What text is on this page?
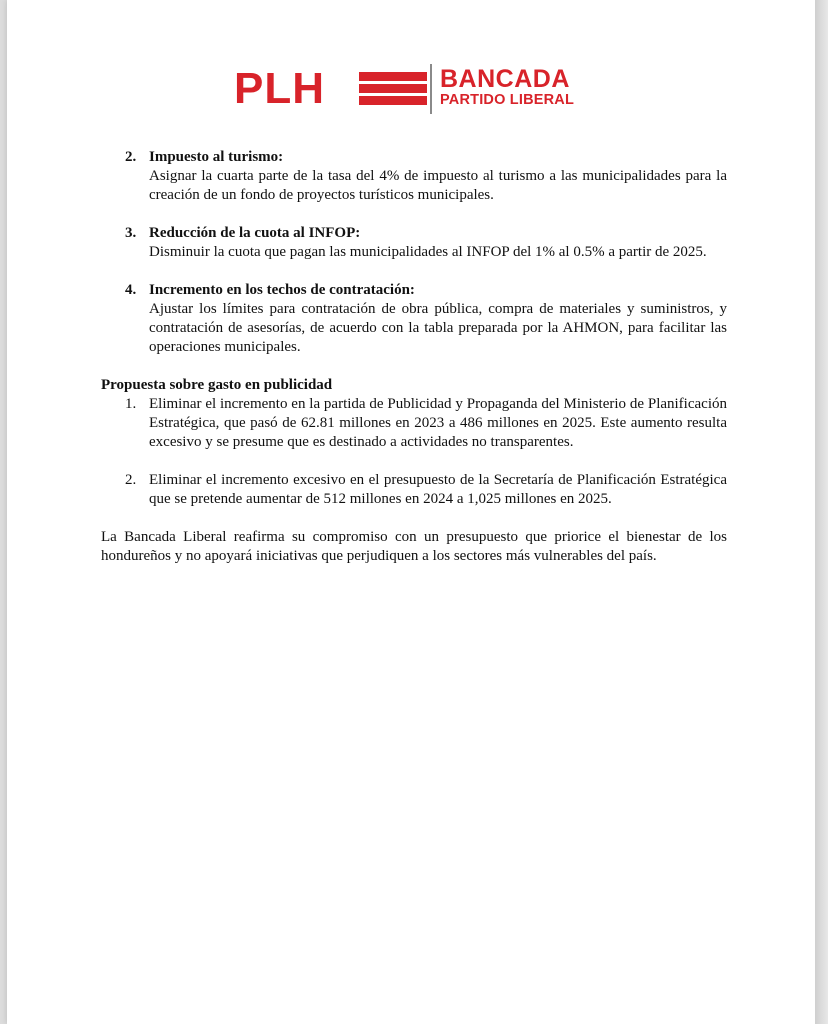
PLH	BANCADA
PARTIDO LIBERAL
2. Impuesto al turismo:
Asignar la cuarta parte de la tasa del 4% de impuesto al turismo a las municipalidades para la creación de un fondo de proyectos turísticos municipales.
3. Reducción de la cuota al INFOP:
Disminuir la cuota que pagan las municipalidades al INFOP del 1% al 0.5% a partir de 2025.
4. Incremento en los techos de contratación:
Ajustar los límites para contratación de obra pública, compra de materiales y suministros, y contratación de asesorías, de acuerdo con la tabla preparada por la AHMON, para facilitar las operaciones municipales.
Propuesta sobre gasto en publicidad
1. Eliminar el incremento en la partida de Publicidad y Propaganda del Ministerio de Planificación Estratégica, que pasó de 62.81 millones en 2023 a 486 millones en 2025. Este aumento resulta excesivo y se presume que es destinado a actividades no transparentes.
2. Eliminar el incremento excesivo en el presupuesto de la Secretaría de Planificación Estratégica que se pretende aumentar de 512 millones en 2024 a 1,025 millones en 2025.
La Bancada Liberal reafirma su compromiso con un presupuesto que priorice el bienestar de los hondureños y no apoyará iniciativas que perjudiquen a los sectores más vulnerables del país.
